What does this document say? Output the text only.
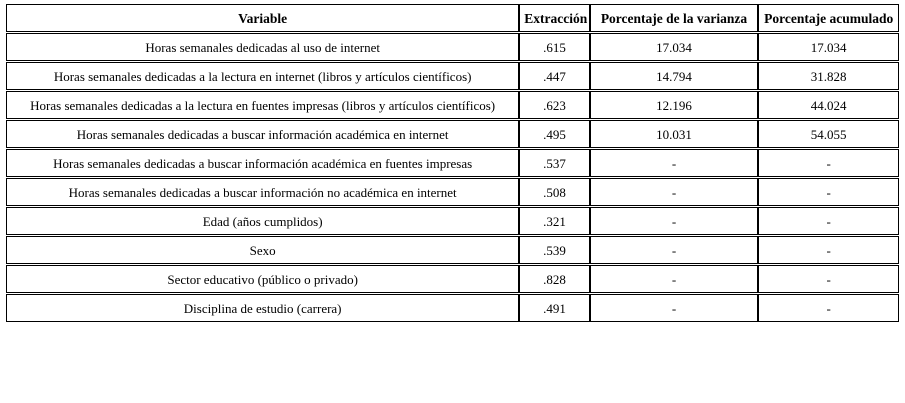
Variable	Extracción	Porcentaje de la varianza	Porcentaje acumulado

Horas semanales dedicadas al uso de internet	.615	17.034	17.034

Horas semanales dedicadas a la lectura en internet (libros y artículos científicos)	.447	14.794	31.828

Horas semanales dedicadas a la lectura en fuentes impresas (libros y artículos científicos)	.623	12.196	44.024

Horas semanales dedicadas a buscar información académica en internet	.495	10.031	54.055

Horas semanales dedicadas a buscar información académica en fuentes impresas	.537	-	-

Horas semanales dedicadas a buscar información no académica en internet	.508	-	-

Edad (años cumplidos)	.321	-	-

Sexo	.539	-	-

Sector educativo (público o privado)	.828	-	-

Disciplina de estudio (carrera)	.491	-	-
